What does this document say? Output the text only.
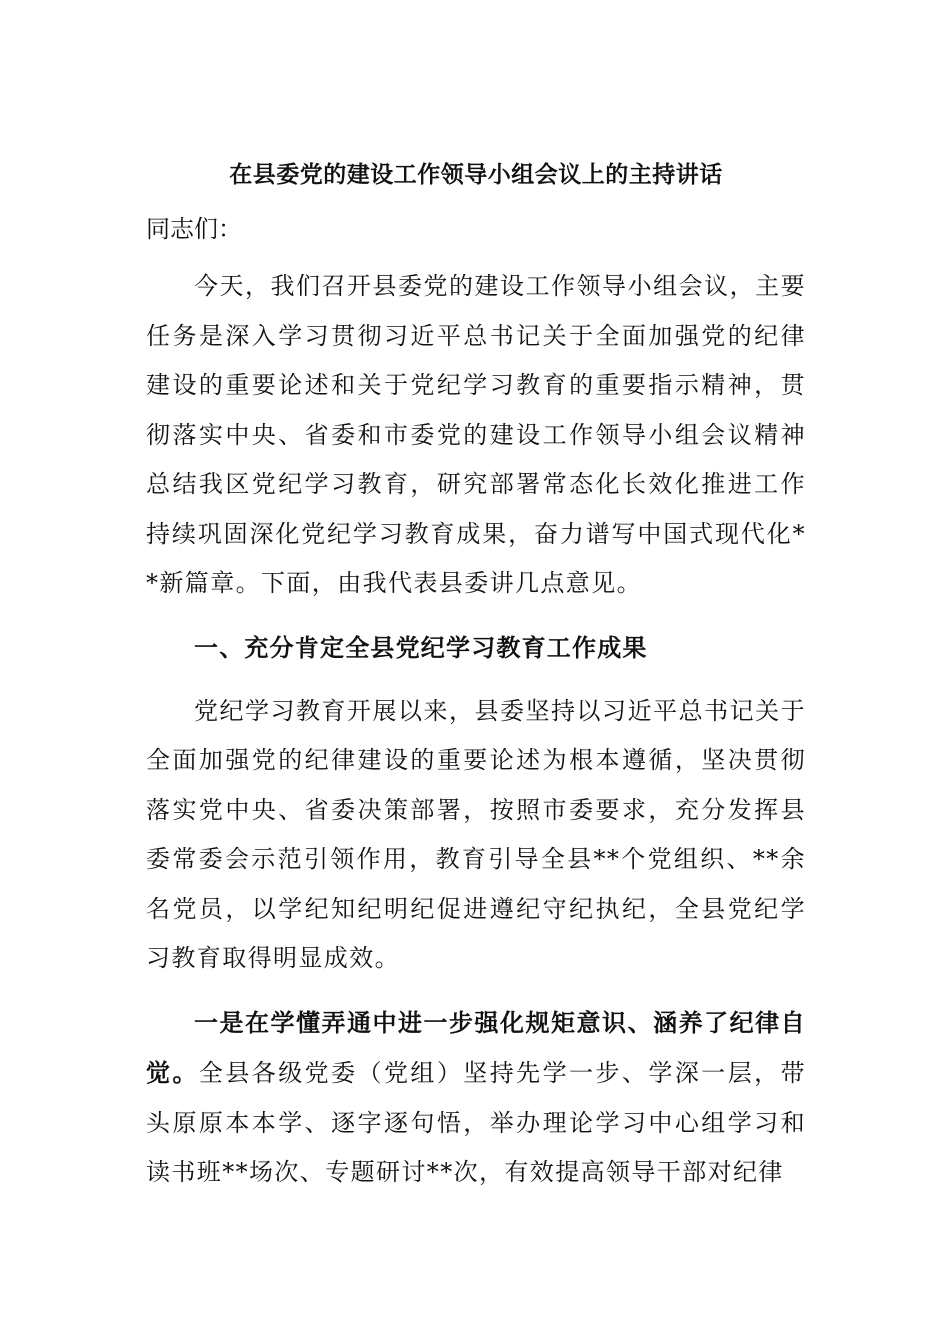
在县委党的建设工作领导小组会议上的主持讲话
同志们：

今天，我们召开县委党的建设工作领导小组会议，主要任务是深入学习贯彻习近平总书记关于全面加强党的纪律建设的重要论述和关于党纪学习教育的重要指示精神，贯彻落实中央、省委和市委党的建设工作领导小组会议精神总结我区党纪学习教育，研究部署常态化长效化推进工作持续巩固深化党纪学习教育成果，奋力谱写中国式现代化**新篇章。下面，由我代表县委讲几点意见。

一、充分肯定全县党纪学习教育工作成果

党纪学习教育开展以来，县委坚持以习近平总书记关于全面加强党的纪律建设的重要论述为根本遵循，坚决贯彻落实党中央、省委决策部署，按照市委要求，充分发挥县委常委会示范引领作用，教育引导全县**个党组织、**余名党员，以学纪知纪明纪促进遵纪守纪执纪，全县党纪学习教育取得明显成效。

一是在学懂弄通中进一步强化规矩意识、涵养了纪律自觉。全县各级党委（党组）坚持先学一步、学深一层，带头原原本本学、逐字逐句悟，举办理论学习中心组学习和读书班**场次、专题研讨**次，有效提高领导干部对纪律
